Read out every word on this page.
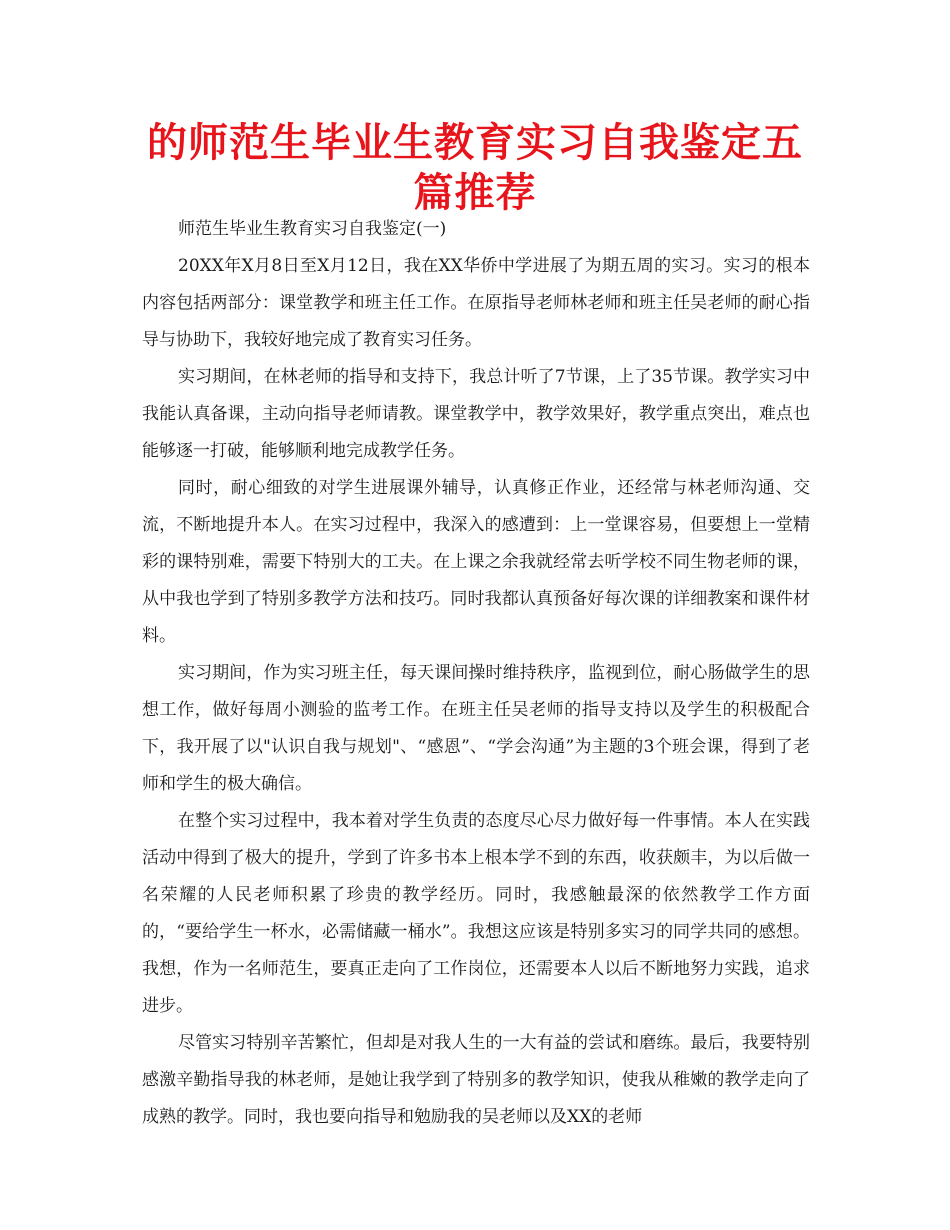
的师范生毕业生教育实习自我鉴定五篇推荐

师范生毕业生教育实习自我鉴定(一)

20XX年X月8日至X月12日，我在XX华侨中学进展了为期五周的实习。实习的根本内容包括两部分：课堂教学和班主任工作。在原指导老师林老师和班主任吴老师的耐心指导与协助下，我较好地完成了教育实习任务。

实习期间，在林老师的指导和支持下，我总计听了7节课，上了35节课。教学实习中我能认真备课，主动向指导老师请教。课堂教学中，教学效果好，教学重点突出，难点也能够逐一打破，能够顺利地完成教学任务。

同时，耐心细致的对学生进展课外辅导，认真修正作业，还经常与林老师沟通、交流，不断地提升本人。在实习过程中，我深入的感遭到：上一堂课容易，但要想上一堂精彩的课特别难，需要下特别大的工夫。在上课之余我就经常去听学校不同生物老师的课，从中我也学到了特别多教学方法和技巧。同时我都认真预备好每次课的详细教案和课件材料。

实习期间，作为实习班主任，每天课间操时维持秩序，监视到位，耐心肠做学生的思想工作，做好每周小测验的监考工作。在班主任吴老师的指导支持以及学生的积极配合下，我开展了以"认识自我与规划"、“感恩”、“学会沟通”为主题的3个班会课，得到了老师和学生的极大确信。

在整个实习过程中，我本着对学生负责的态度尽心尽力做好每一件事情。本人在实践活动中得到了极大的提升，学到了许多书本上根本学不到的东西，收获颇丰，为以后做一名荣耀的人民老师积累了珍贵的教学经历。同时，我感触最深的依然教学工作方面的，“要给学生一杯水，必需储藏一桶水”。我想这应该是特别多实习的同学共同的感想。我想，作为一名师范生，要真正走向了工作岗位，还需要本人以后不断地努力实践，追求进步。

尽管实习特别辛苦繁忙，但却是对我人生的一大有益的尝试和磨练。最后，我要特别感激辛勤指导我的林老师，是她让我学到了特别多的教学知识，使我从稚嫩的教学走向了成熟的教学。同时，我也要向指导和勉励我的吴老师以及XX的老师
